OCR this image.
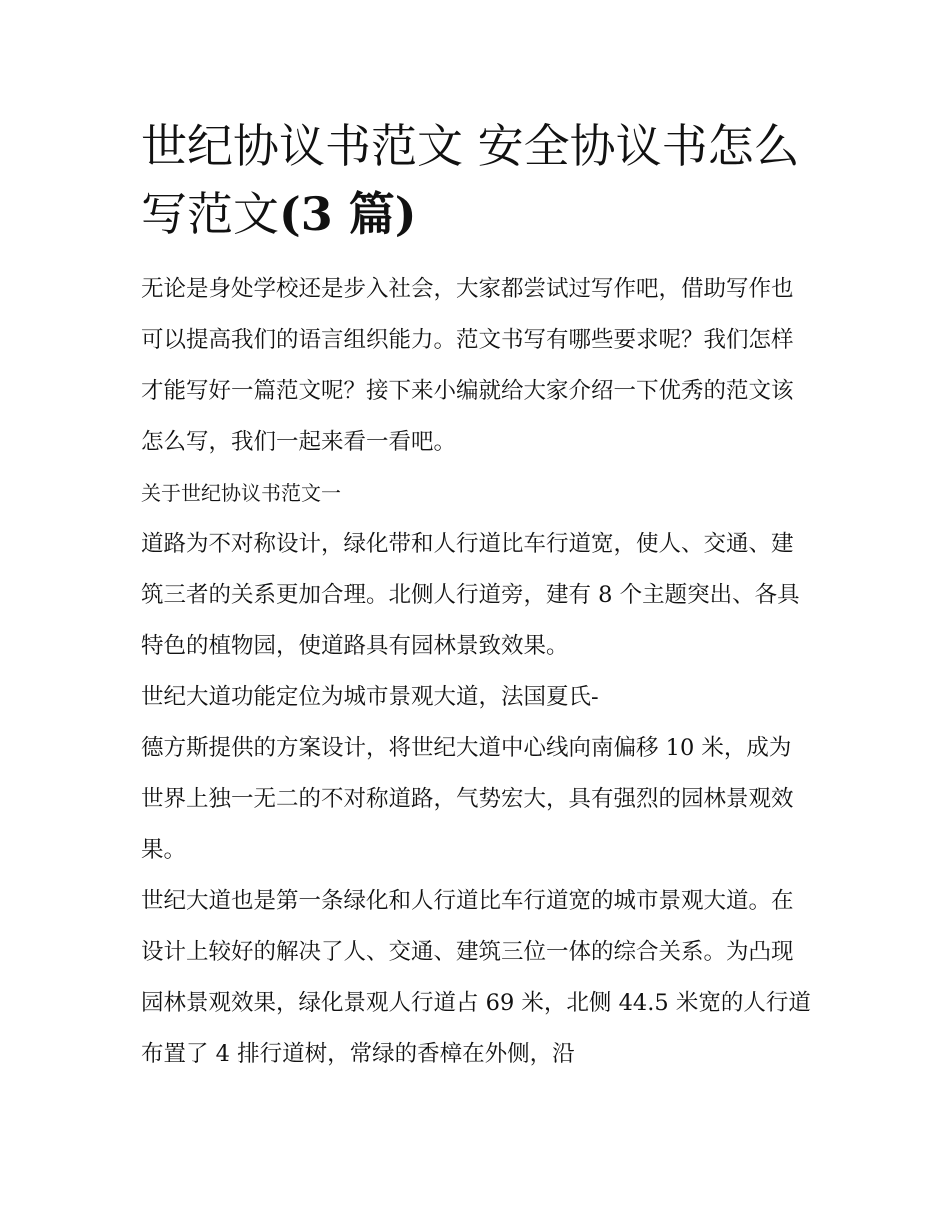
世纪协议书范文 安全协议书怎么写范文(3 篇)

无论是身处学校还是步入社会，大家都尝试过写作吧，借助写作也可以提高我们的语言组织能力。范文书写有哪些要求呢？我们怎样才能写好一篇范文呢？接下来小编就给大家介绍一下优秀的范文该怎么写，我们一起来看一看吧。

关于世纪协议书范文一

道路为不对称设计，绿化带和人行道比车行道宽，使人、交通、建筑三者的关系更加合理。北侧人行道旁，建有 8 个主题突出、各具特色的植物园，使道路具有园林景致效果。

世纪大道功能定位为城市景观大道，法国夏氏-

德方斯提供的方案设计，将世纪大道中心线向南偏移 10 米，成为世界上独一无二的不对称道路，气势宏大，具有强烈的园林景观效果。

世纪大道也是第一条绿化和人行道比车行道宽的城市景观大道。在设计上较好的解决了人、交通、建筑三位一体的综合关系。为凸现园林景观效果，绿化景观人行道占 69 米，北侧 44.5 米宽的人行道布置了 4 排行道树，常绿的香樟在外侧，沿
